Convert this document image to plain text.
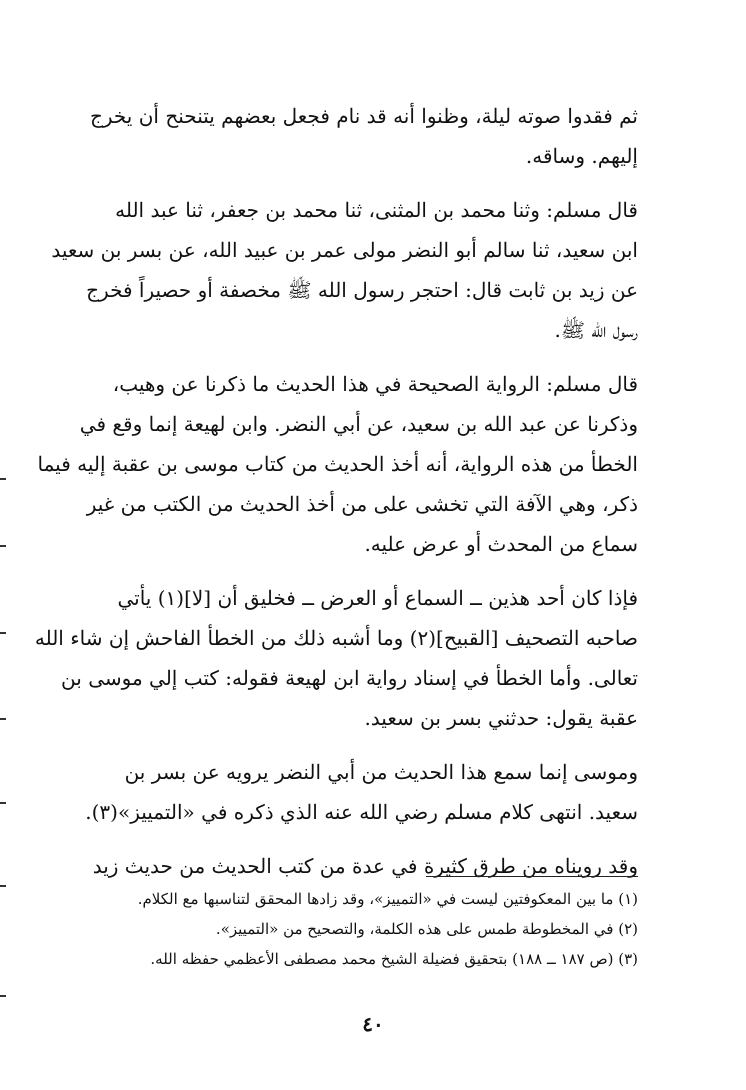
ثم فقدوا صوته ليلة، وظنوا أنه قد نام فجعل بعضهم يتنحنح أن يخرج
إليهم. وساقه.
قال مسلم: وثنا محمد بن المثنى، ثنا محمد بن جعفر، ثنا عبد الله
ابن سعيد، ثنا سالم أبو النضر مولى عمر بن عبيد الله، عن بسر بن سعيد
عن زيد بن ثابت قال: احتجر رسول الله ﷺ مخصفة أو حصيراً فخرج
رسول الله ﷺ.
قال مسلم: الرواية الصحيحة في هذا الحديث ما ذكرنا عن وهيب،
وذكرنا عن عبد الله بن سعيد، عن أبي النضر. وابن لهيعة إنما وقع في
الخطأ من هذه الرواية، أنه أخذ الحديث من كتاب موسى بن عقبة إليه فيما
ذكر، وهي الآفة التي تخشى على من أخذ الحديث من الكتب من غير
سماع من المحدث أو عرض عليه.
فإذا كان أحد هذين ــ السماع أو العرض ــ فخليق أن [لا](١) يأتي
صاحبه التصحيف [القبيح](٢) وما أشبه ذلك من الخطأ الفاحش إن شاء الله
تعالى. وأما الخطأ في إسناد رواية ابن لهيعة فقوله: كتب إلي موسى بن
عقبة يقول: حدثني بسر بن سعيد.
وموسى إنما سمع هذا الحديث من أبي النضر يرويه عن بسر بن
سعيد. انتهى كلام مسلم رضي الله عنه الذي ذكره في «التمييز»(٣).
وقد رويناه من طرق كثيرة في عدة من كتب الحديث من حديث زيد
(١) ما بين المعكوفتين ليست في «التمييز»، وقد زادها المحقق لتناسبها مع الكلام.
(٢) في المخطوطة طمس على هذه الكلمة، والتصحيح من «التمييز».
(٣) (ص ١٨٧ ــ ١٨٨) بتحقيق فضيلة الشيخ محمد مصطفى الأعظمي حفظه الله.
٤٠
